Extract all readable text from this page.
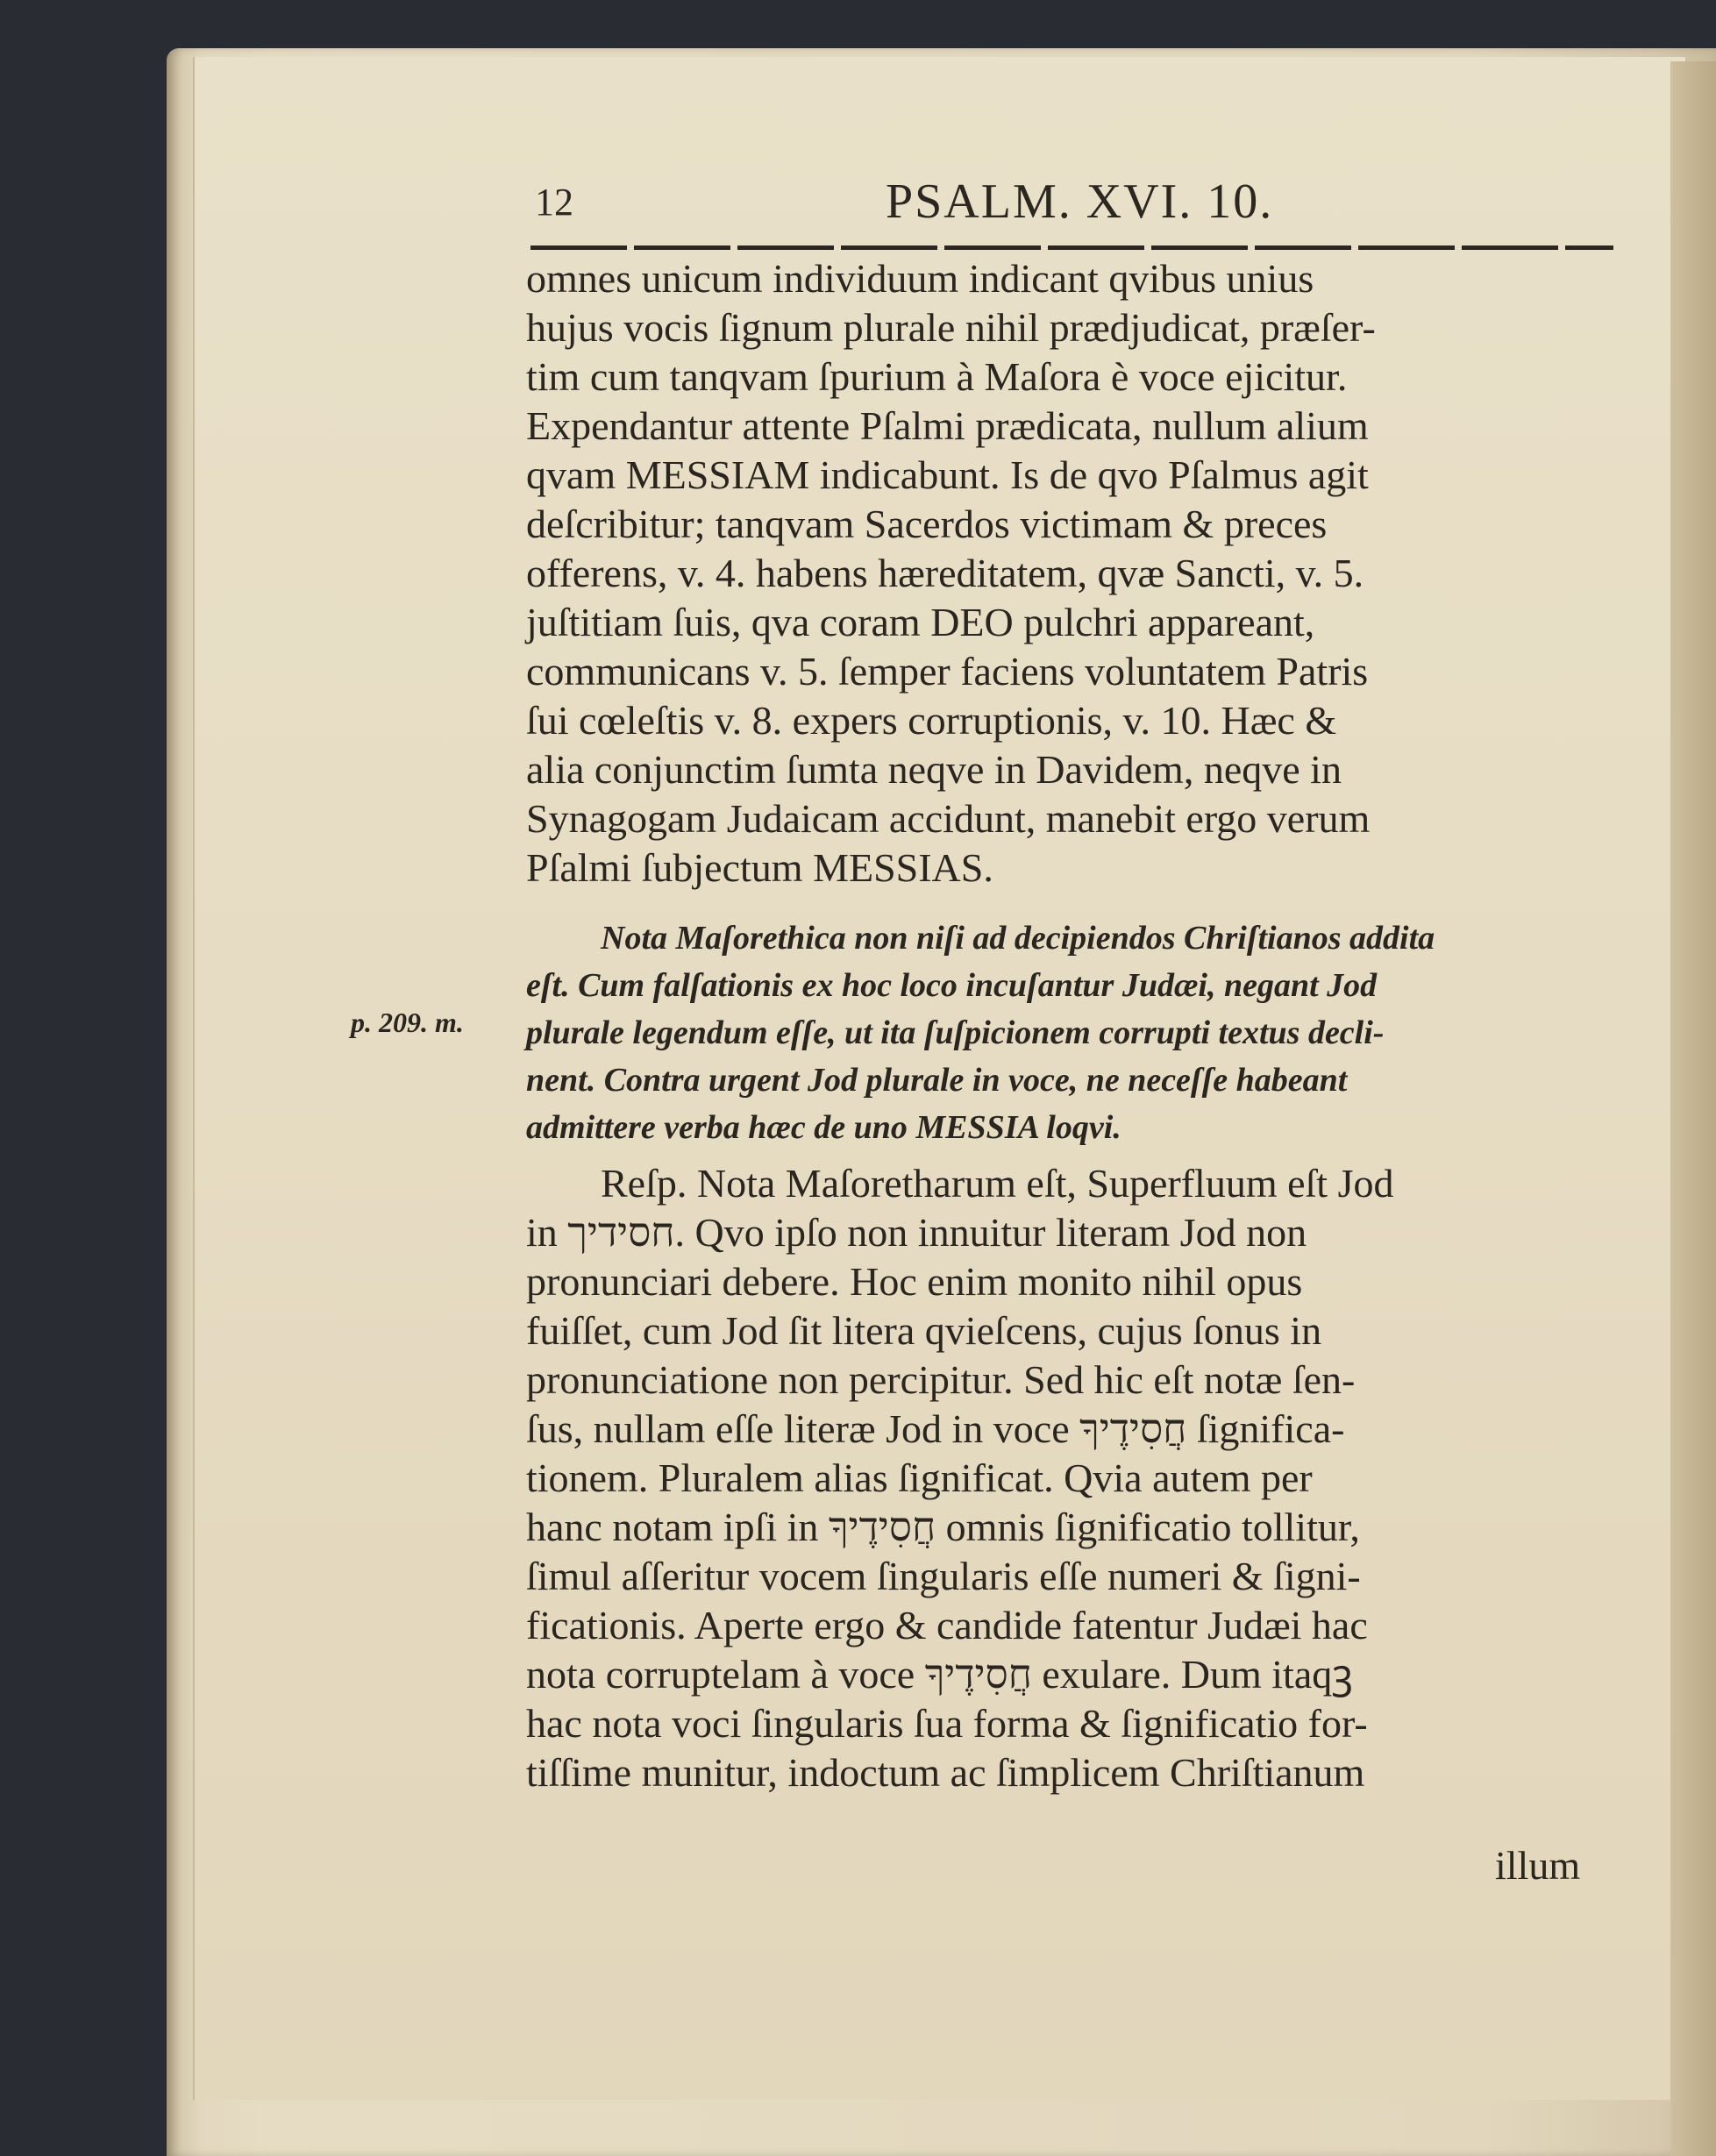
12	PSALM. XVI. 10.
p. 209. m.
omnes unicum individuum indicant qvibus unius
hujus vocis ſignum plurale nihil prædjudicat, præſer-
tim cum tanqvam ſpurium à Maſora è voce ejicitur.
Expendantur attente Pſalmi prædicata, nullum alium
qvam MESSIAM indicabunt. Is de qvo Pſalmus agit
deſcribitur; tanqvam Sacerdos victimam & preces
offerens, v. 4. habens hæreditatem, qvæ Sancti, v. 5.
juſtitiam ſuis, qva coram DEO pulchri appareant,
communicans v. 5. ſemper faciens voluntatem Patris
ſui cœleſtis v. 8. expers corruptionis, v. 10. Hæc &
alia conjunctim ſumta neqve in Davidem, neqve in
Synagogam Judaicam accidunt, manebit ergo verum
Pſalmi ſubjectum MESSIAS.
Nota Maſorethica non niſi ad decipiendos Chriſtianos addita
eſt. Cum falſationis ex hoc loco incuſantur Judæi, negant Jod
plurale legendum eſſe, ut ita ſuſpicionem corrupti textus decli-
nent. Contra urgent Jod plurale in voce, ne neceſſe habeant
admittere verba hæc de uno MESSIA loqvi.
Reſp. Nota Maſoretharum eſt, Superfluum eſt Jod
in חסידיך. Qvo ipſo non innuitur literam Jod non
pronunciari debere. Hoc enim monito nihil opus
fuiſſet, cum Jod ſit litera qvieſcens, cujus ſonus in
pronunciatione non percipitur. Sed hic eſt notæ ſen-
ſus, nullam eſſe literæ Jod in voce חֲסִידֶיךָ ſignifica-
tionem. Pluralem alias ſignificat. Qvia autem per
hanc notam ipſi in חֲסִידֶיךָ omnis ſignificatio tollitur,
ſimul aſſeritur vocem ſingularis eſſe numeri & ſigni-
ficationis. Aperte ergo & candide fatentur Judæi hac
nota corruptelam à voce חֲסִידֶיךָ exulare. Dum itaqꝫ
hac nota voci ſingularis ſua forma & ſignificatio for-
tiſſime munitur, indoctum ac ſimplicem Chriſtianum
illum
